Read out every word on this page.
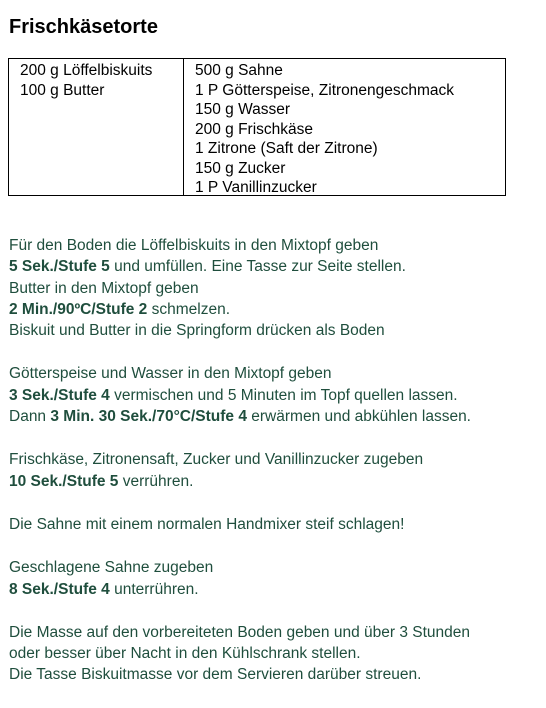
Frischkäsetorte
200 g Löffelbiskuits
100 g Butter
500 g Sahne
1 P Götterspeise, Zitronengeschmack
150 g Wasser
200 g Frischkäse
1 Zitrone (Saft der Zitrone)
150 g Zucker
1 P Vanillinzucker
Für den Boden die Löffelbiskuits in den Mixtopf geben
5 Sek./Stufe 5 und umfüllen. Eine Tasse zur Seite stellen.
Butter in den Mixtopf geben
2 Min./90ºC/Stufe 2 schmelzen.
Biskuit und Butter in die Springform drücken als Boden
Götterspeise und Wasser in den Mixtopf geben
3 Sek./Stufe 4 vermischen und 5 Minuten im Topf quellen lassen.
Dann 3 Min. 30 Sek./70°C/Stufe 4 erwärmen und abkühlen lassen.
Frischkäse, Zitronensaft, Zucker und Vanillinzucker zugeben
10 Sek./Stufe 5 verrühren.
Die Sahne mit einem normalen Handmixer steif schlagen!
Geschlagene Sahne zugeben
8 Sek./Stufe 4 unterrühren.
Die Masse auf den vorbereiteten Boden geben und über 3 Stunden
oder besser über Nacht in den Kühlschrank stellen.
Die Tasse Biskuitmasse vor dem Servieren darüber streuen.
